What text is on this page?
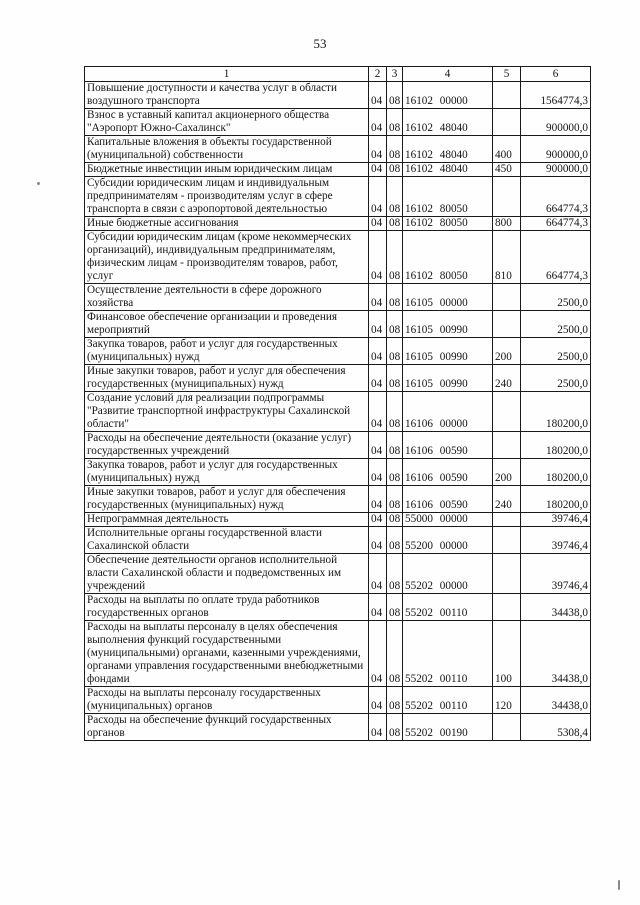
53
1	2	3	4	5	6
Повышение доступности и качества услуг в области воздушного транспорта	04	08	16102 00000		1564774,3
Взнос в уставный капитал акционерного общества "Аэропорт Южно-Сахалинск"	04	08	16102 48040		900000,0
Капитальные вложения в объекты государственной (муниципальной) собственности	04	08	16102 48040	400	900000,0
Бюджетные инвестиции иным юридическим лицам	04	08	16102 48040	450	900000,0
Субсидии юридическим лицам и индивидуальным предпринимателям - производителям услуг в сфере транспорта в связи с аэропортовой деятельностью	04	08	16102 80050		664774,3
Иные бюджетные ассигнования	04	08	16102 80050	800	664774,3
Субсидии юридическим лицам (кроме некоммерческих организаций), индивидуальным предпринимателям, физическим лицам - производителям товаров, работ, услуг	04	08	16102 80050	810	664774,3
Осуществление деятельности в сфере дорожного хозяйства	04	08	16105 00000		2500,0
Финансовое обеспечение организации и проведения мероприятий	04	08	16105 00990		2500,0
Закупка товаров, работ и услуг для государственных (муниципальных) нужд	04	08	16105 00990	200	2500,0
Иные закупки товаров, работ и услуг для обеспечения государственных (муниципальных) нужд	04	08	16105 00990	240	2500,0
Создание условий для реализации подпрограммы "Развитие транспортной инфраструктуры Сахалинской области"	04	08	16106 00000		180200,0
Расходы на обеспечение деятельности (оказание услуг) государственных учреждений	04	08	16106 00590		180200,0
Закупка товаров, работ и услуг для государственных (муниципальных) нужд	04	08	16106 00590	200	180200,0
Иные закупки товаров, работ и услуг для обеспечения государственных (муниципальных) нужд	04	08	16106 00590	240	180200,0
Непрограммная деятельность	04	08	55000 00000		39746,4
Исполнительные органы государственной власти Сахалинской области	04	08	55200 00000		39746,4
Обеспечение деятельности органов исполнительной власти Сахалинской области и подведомственных им учреждений	04	08	55202 00000		39746,4
Расходы на выплаты по оплате труда работников государственных органов	04	08	55202 00110		34438,0
Расходы на выплаты персоналу в целях обеспечения выполнения функций государственными (муниципальными) органами, казенными учреждениями, органами управления государственными внебюджетными фондами	04	08	55202 00110	100	34438,0
Расходы на выплаты персоналу государственных (муниципальных) органов	04	08	55202 00110	120	34438,0
Расходы на обеспечение функций государственных органов	04	08	55202 00190		5308,4
